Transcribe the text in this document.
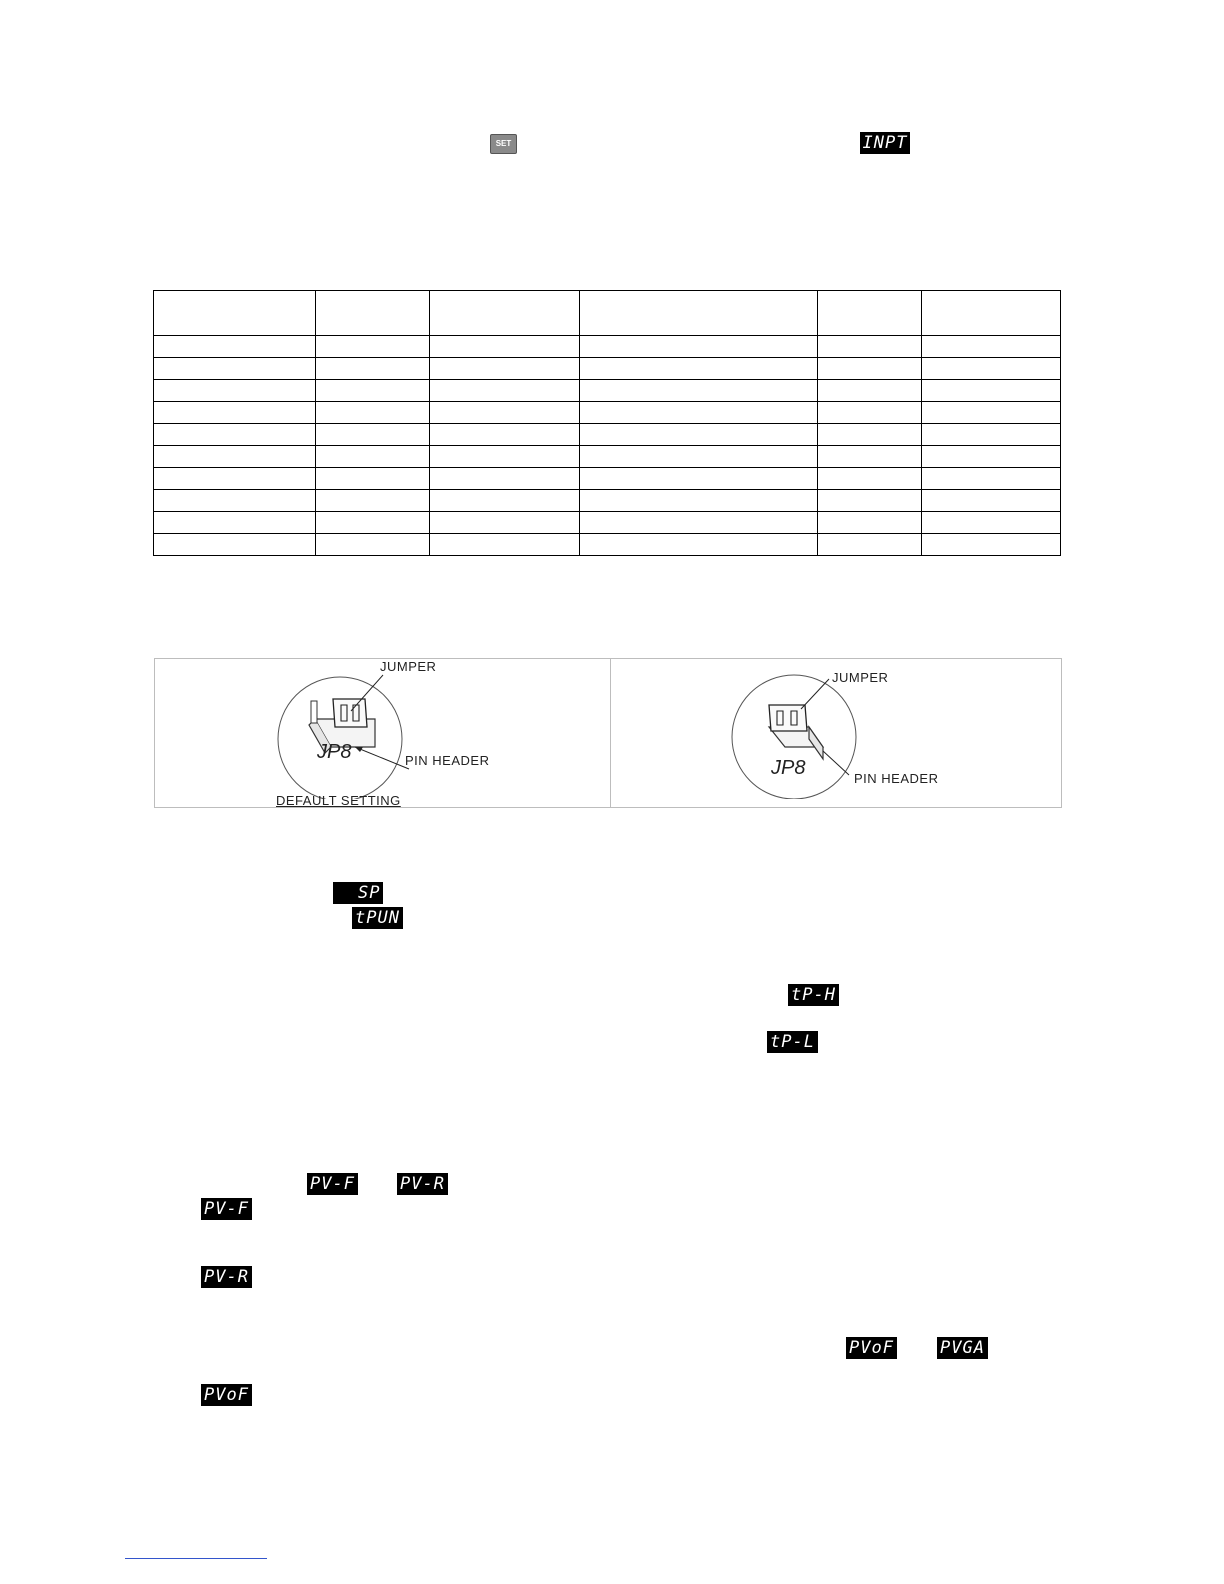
SET	INPT

JUMPER
JP8	PIN HEADER
DEFAULT SETTING
JUMPER
JP8	PIN HEADER
SP
tPUN
tP-H
tP-L
PV-F	PV-R
PV-F
PV-R
PVoF	PVGA
PVoF
